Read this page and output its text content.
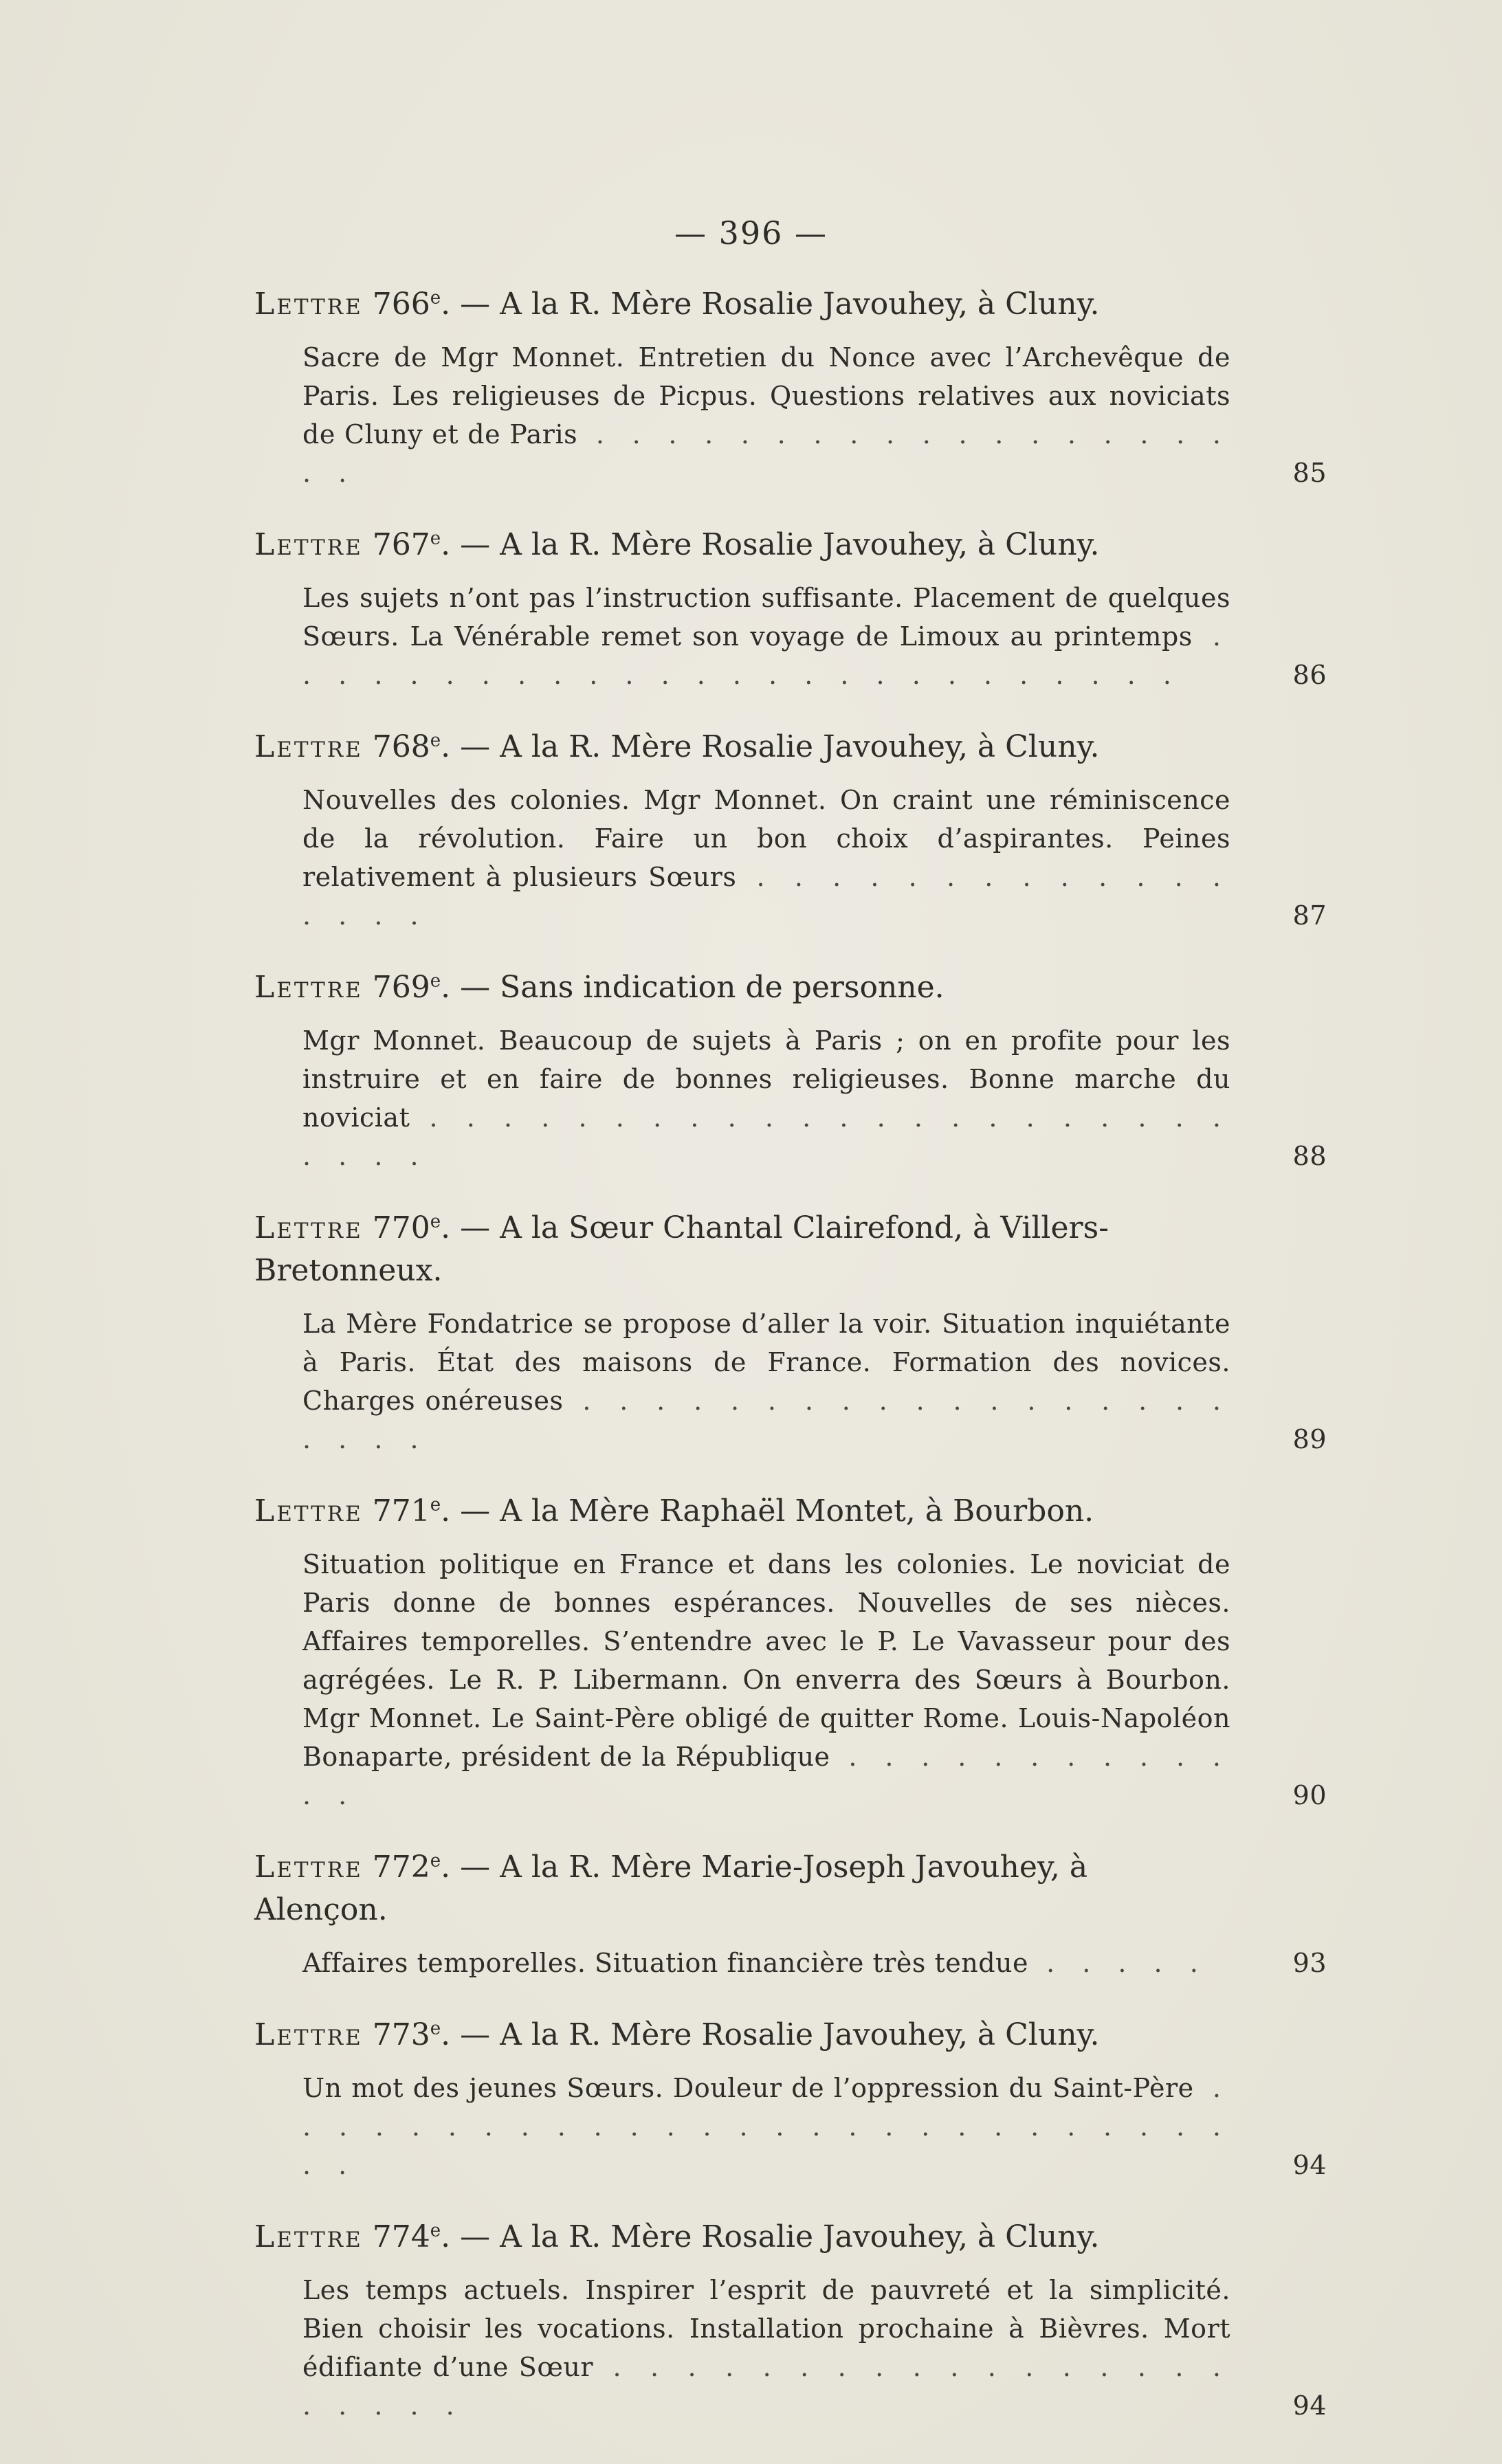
— 396 —
Lettre 766e. — A la R. Mère Rosalie Javouhey, à Cluny.
Sacre de Mgr Monnet. Entretien du Nonce avec l’Archevêque de Paris. Les religieuses de Picpus. Questions relatives aux noviciats de Cluny et de Paris . . . . . . . . . . . . . . . . . . . .	85
Lettre 767e. — A la R. Mère Rosalie Javouhey, à Cluny.
Les sujets n’ont pas l’instruction suffisante. Placement de quelques Sœurs. La Vénérable remet son voyage de Limoux au printemps . . . . . . . . . . . . . . . . . . . . . . . . . .	86
Lettre 768e. — A la R. Mère Rosalie Javouhey, à Cluny.
Nouvelles des colonies. Mgr Monnet. On craint une réminiscence de la révolution. Faire un bon choix d’aspirantes. Peines relativement à plusieurs Sœurs . . . . . . . . . . . . . . . . .	87
Lettre 769e. — Sans indication de personne.
Mgr Monnet. Beaucoup de sujets à Paris ; on en profite pour les instruire et en faire de bonnes religieuses. Bonne marche du noviciat . . . . . . . . . . . . . . . . . . . . . . . . . .	88
Lettre 770e. — A la Sœur Chantal Clairefond, à Villers-Bretonneux.
La Mère Fondatrice se propose d’aller la voir. Situation inquiétante à Paris. État des maisons de France. Formation des novices. Charges onéreuses . . . . . . . . . . . . . . . . . . . . . .	89
Lettre 771e. — A la Mère Raphaël Montet, à Bourbon.
Situation politique en France et dans les colonies. Le noviciat de Paris donne de bonnes espérances. Nouvelles de ses nièces. Affaires temporelles. S’entendre avec le P. Le Vavasseur pour des agrégées. Le R. P. Libermann. On enverra des Sœurs à Bourbon. Mgr Monnet. Le Saint-Père obligé de quitter Rome. Louis-Napoléon Bonaparte, président de la République . . . . . . . . . . . . .	90
Lettre 772e. — A la R. Mère Marie-Joseph Javouhey, à Alençon.
Affaires temporelles. Situation financière très tendue . . . . .	93
Lettre 773e. — A la R. Mère Rosalie Javouhey, à Cluny.
Un mot des jeunes Sœurs. Douleur de l’oppression du Saint-Père . . . . . . . . . . . . . . . . . . . . . . . . . . . . .	94
Lettre 774e. — A la R. Mère Rosalie Javouhey, à Cluny.
Les temps actuels. Inspirer l’esprit de pauvreté et la simplicité. Bien choisir les vocations. Installation prochaine à Bièvres. Mort édifiante d’une Sœur . . . . . . . . . . . . . . . . . . . . . .	94
